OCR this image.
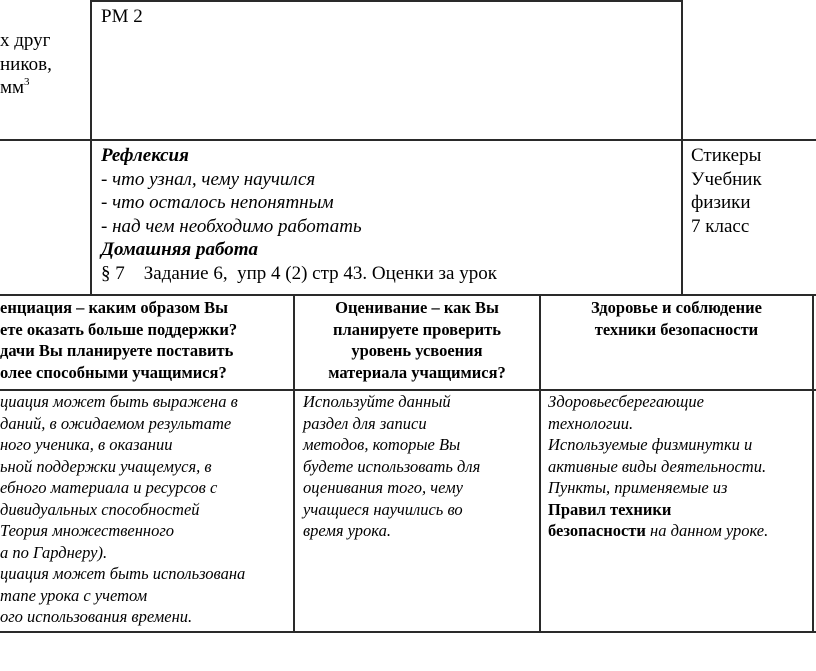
х друг

ников,

$мм^3$

РМ 2

Рефлексия

- что узнал, чему научился

- что осталось непонятным

- над чем необходимо работать

Домашняя работа

§ 7    Задание 6,  упр 4 (2) стр 43. Оценки за урок

Стикеры

Учебник

физики

7 класс

енциация – каким образом Вы

ете оказать больше поддержки?

дачи Вы планируете поставить

олее способными учащимися?

Оценивание – как Вы

планируете проверить

уровень усвоения

материала учащимися?

Здоровье и соблюдение

техники безопасности

циация может быть выражена в

даний, в ожидаемом результате

ного ученика, в оказании

ьной поддержки учащемуся, в

ебного материала и ресурсов с

дивидуальных способностей

Теория множественного

а по Гарднеру).

циация может быть использована

тапе урока с учетом

ого использования времени.

Используйте данный

раздел для записи

методов, которые Вы

будете использовать для

оценивания того, чему

учащиеся научились во

время урока.

Здоровьесберегающие

технологии.

Используемые физминутки и

активные виды деятельности.

Пункты, применяемые из

Правил техники

безопасности на данном уроке.
